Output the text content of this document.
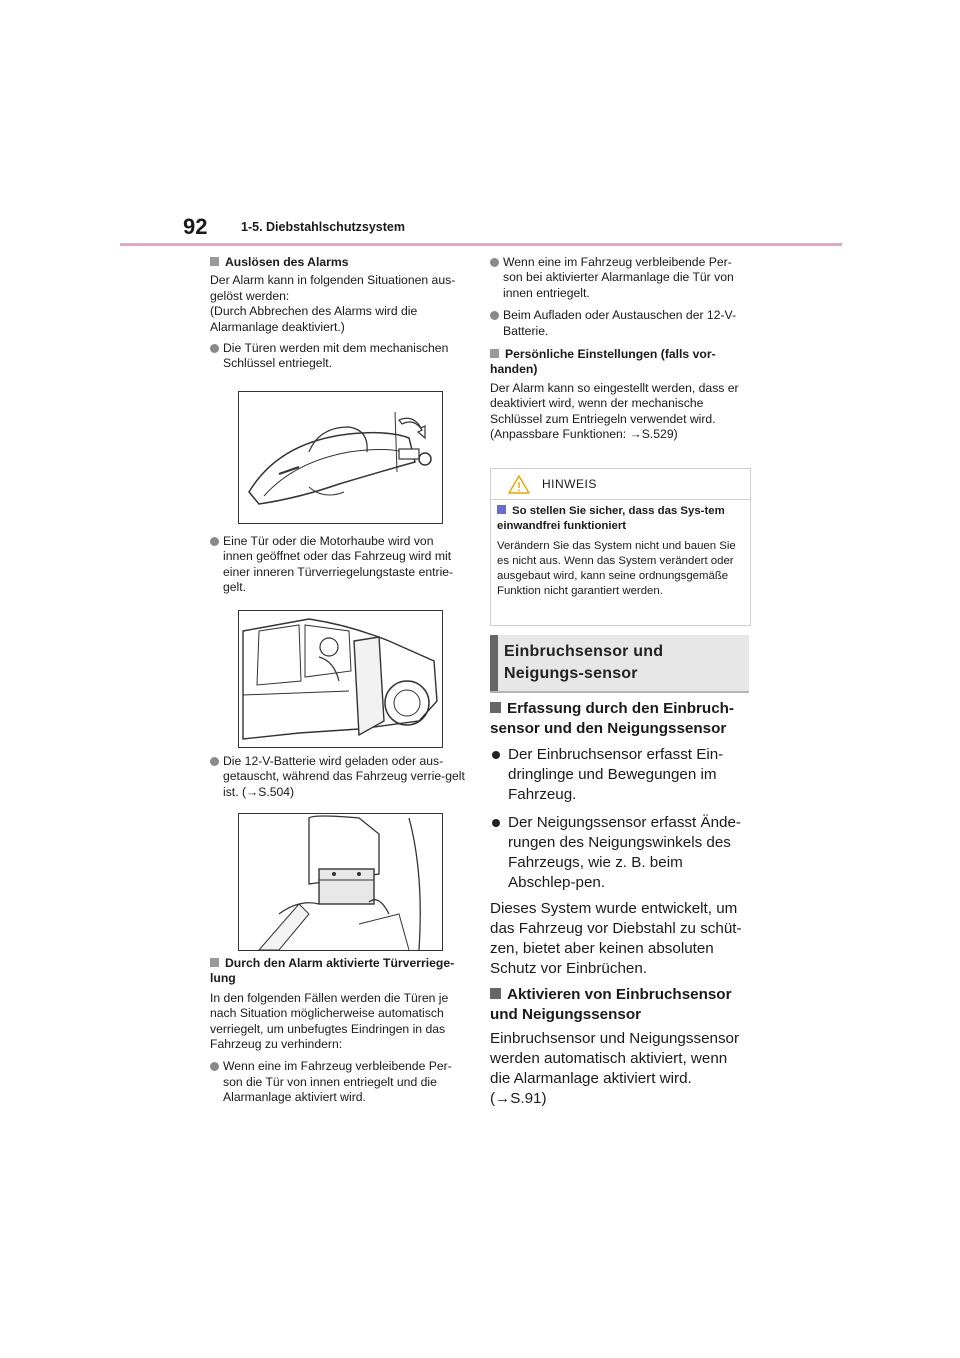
92	1-5. Diebstahlschutzsystem
Auslösen des Alarms

Der Alarm kann in folgenden Situationen aus-gelöst werden:

(Durch Abbrechen des Alarms wird die Alarmanlage deaktiviert.)

Die Türen werden mit dem mechanischen Schlüssel entriegelt.
Eine Tür oder die Motorhaube wird von innen geöffnet oder das Fahrzeug wird mit einer inneren Türverriegelungstaste entrie-gelt.
Die 12-V-Batterie wird geladen oder aus-getauscht, während das Fahrzeug verrie-gelt ist. (→S.504)
Durch den Alarm aktivierte Türverriege-lung

In den folgenden Fällen werden die Türen je nach Situation möglicherweise automatisch verriegelt, um unbefugtes Eindringen in das Fahrzeug zu verhindern:

Wenn eine im Fahrzeug verbleibende Per-son die Tür von innen entriegelt und die Alarmanlage aktiviert wird.
Wenn eine im Fahrzeug verbleibende Per-son bei aktivierter Alarmanlage die Tür von innen entriegelt.
Beim Aufladen oder Austauschen der 12-V-Batterie.
Persönliche Einstellungen (falls vor-handen)

Der Alarm kann so eingestellt werden, dass er deaktiviert wird, wenn der mechanische Schlüssel zum Entriegeln verwendet wird. (Anpassbare Funktionen: →S.529)

HINWEIS
So stellen Sie sicher, dass das Sys-tem einwandfrei funktioniert

Verändern Sie das System nicht und bauen Sie es nicht aus. Wenn das System verändert oder ausgebaut wird, kann seine ordnungsgemäße Funktion nicht garantiert werden.

Einbruchsensor und Neigungs-sensor
Erfassung durch den Einbruch-sensor und den Neigungssensor
Der Einbruchsensor erfasst Ein-dringlinge und Bewegungen im Fahrzeug.
Der Neigungssensor erfasst Ände-rungen des Neigungswinkels des Fahrzeugs, wie z. B. beim Abschlep-pen.

Dieses System wurde entwickelt, um das Fahrzeug vor Diebstahl zu schüt-zen, bietet aber keinen absoluten Schutz vor Einbrüchen.

Aktivieren von Einbruchsensor und Neigungssensor

Einbruchsensor und Neigungssensor werden automatisch aktiviert, wenn die Alarmanlage aktiviert wird. (→S.91)
